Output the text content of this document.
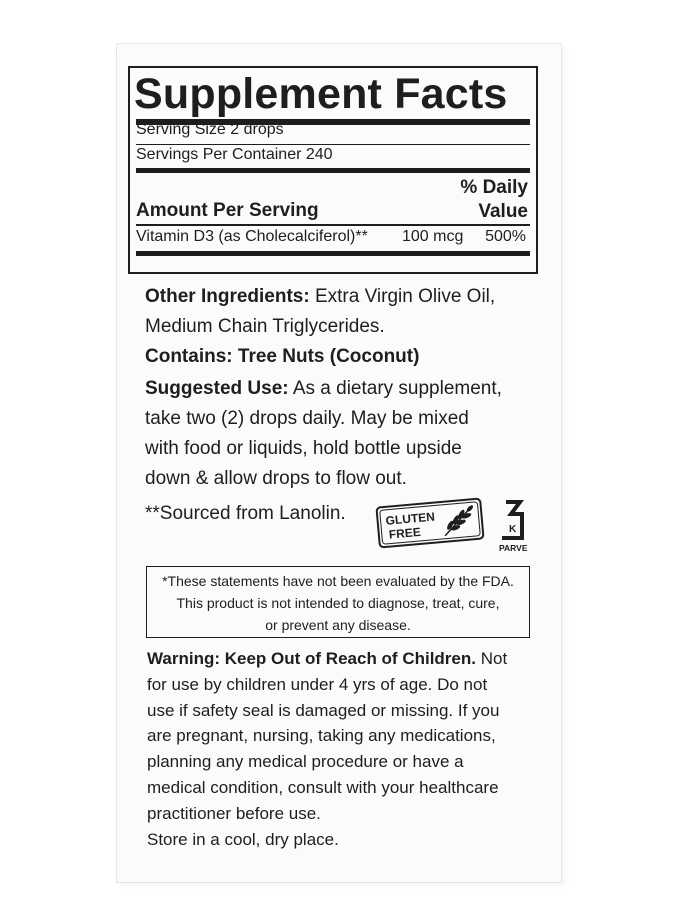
Supplement Facts
Serving Size 2 drops
Servings Per Container 240
% Daily
Value
Amount Per Serving
Vitamin D3 (as Cholecalciferol)** 100 mcg 500%
Other Ingredients: Extra Virgin Olive Oil,
Medium Chain Triglycerides.
Contains: Tree Nuts (Coconut)
Suggested Use: As a dietary supplement,
take two (2) drops daily. May be mixed
with food or liquids, hold bottle upside
down & allow drops to flow out.
**Sourced from Lanolin.	GLUTEN
FREE	K
PARVE
*These statements have not been evaluated by the FDA.
This product is not intended to diagnose, treat, cure,
or prevent any disease.
Warning: Keep Out of Reach of Children. Not
for use by children under 4 yrs of age. Do not
use if safety seal is damaged or missing. If you
are pregnant, nursing, taking any medications,
planning any medical procedure or have a
medical condition, consult with your healthcare
practitioner before use.
Store in a cool, dry place.
